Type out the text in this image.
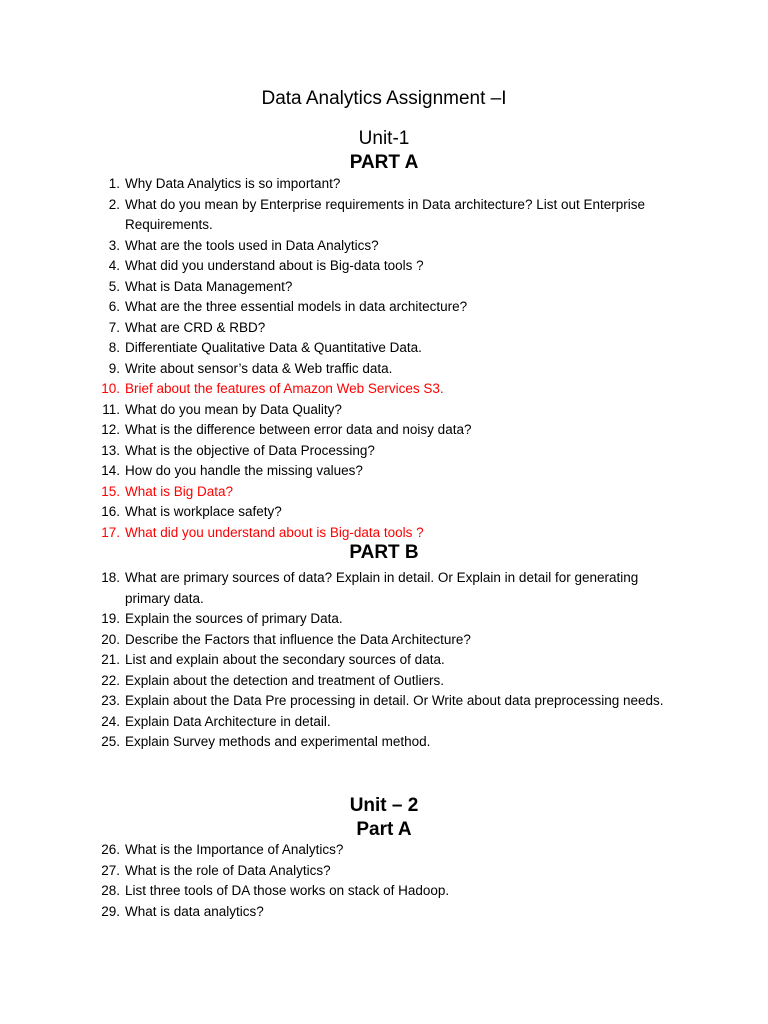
Data Analytics Assignment –I
Unit-1
PART A
1. Why Data Analytics is so important?
2. What do you mean by Enterprise requirements in Data architecture? List out Enterprise Requirements.
3. What are the tools used in Data Analytics?
4. What did you understand about is Big-data tools ?
5. What is Data Management?
6. What are the three essential models in data architecture?
7. What are CRD & RBD?
8. Differentiate Qualitative Data & Quantitative Data.
9. Write about sensor’s data & Web traffic data.
10. Brief about the features of Amazon Web Services S3.
11. What do you mean by Data Quality?
12. What is the difference between error data and noisy data?
13. What is the objective of Data Processing?
14. How do you handle the missing values?
15. What is Big Data?
16. What is workplace safety?
17. What did you understand about is Big-data tools ?
PART B
18. What are primary sources of data? Explain in detail. Or Explain in detail for generating primary data.
19. Explain the sources of primary Data.
20. Describe the Factors that influence the Data Architecture?
21. List and explain about the secondary sources of data.
22. Explain about the detection and treatment of Outliers.
23. Explain about the Data Pre processing in detail. Or Write about data preprocessing needs.
24. Explain Data Architecture in detail.
25. Explain Survey methods and experimental method.
Unit – 2
Part A
26. What is the Importance of Analytics?
27. What is the role of Data Analytics?
28. List three tools of DA those works on stack of Hadoop.
29. What is data analytics?
